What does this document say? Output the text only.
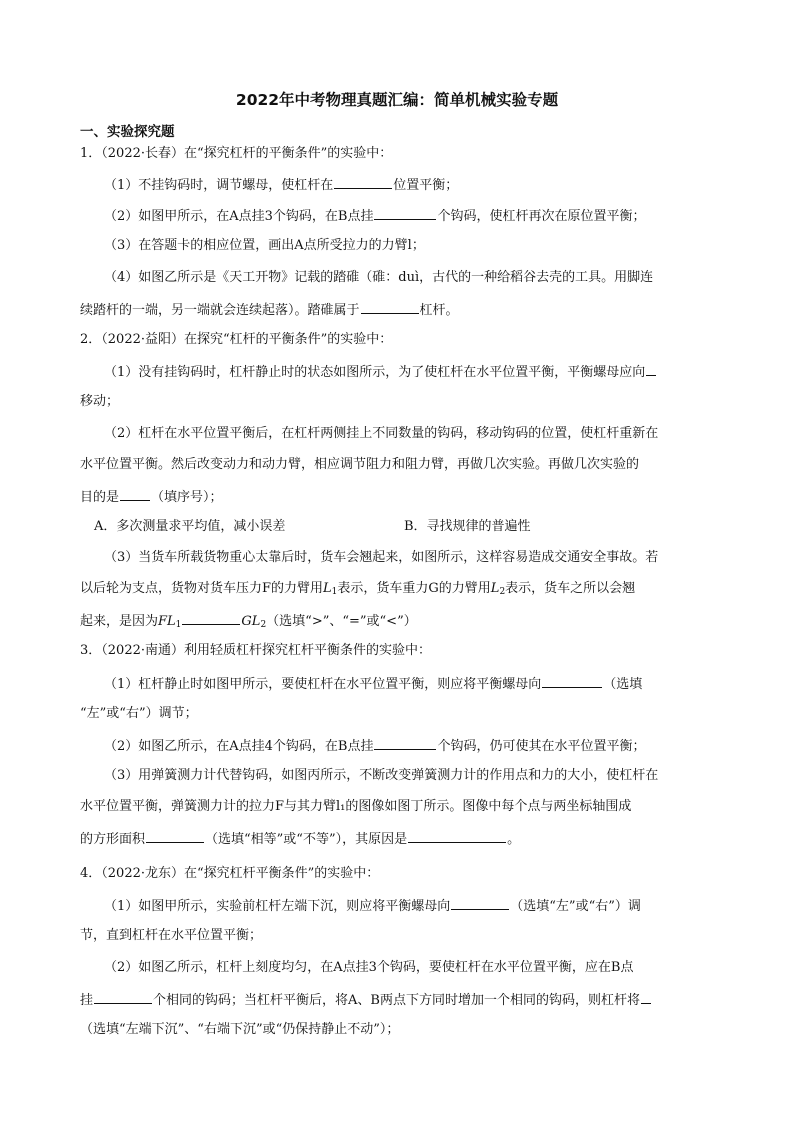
2022年中考物理真题汇编：简单机械实验专题
一、实验探究题
1．（2022·长春）在“探究杠杆的平衡条件”的实验中：
（1）不挂钩码时，调节螺母，使杠杆在	位置平衡；
（2）如图甲所示，在A点挂3个钩码，在B点挂	个钩码，使杠杆再次在原位置平衡；
（3）在答题卡的相应位置，画出A点所受拉力的力臂l；
（4）如图乙所示是《天工开物》记载的踏碓（碓：duì，古代的一种给稻谷去壳的工具。用脚连
续踏杆的一端，另一端就会连续起落）。踏碓属于	杠杆。
2．（2022·益阳）在探究“杠杆的平衡条件”的实验中：
（1）没有挂钩码时，杠杆静止时的状态如图所示，为了使杠杆在水平位置平衡，平衡螺母应向
移动；
（2）杠杆在水平位置平衡后，在杠杆两侧挂上不同数量的钩码，移动钩码的位置，使杠杆重新在
水平位置平衡。然后改变动力和动力臂，相应调节阻力和阻力臂，再做几次实验。再做几次实验的
目的是 （填序号）；
A．多次测量求平均值，减小误差	B．寻找规律的普遍性
（3）当货车所载货物重心太靠后时，货车会翘起来，如图所示，这样容易造成交通安全事故。若
以后轮为支点，货物对货车压力F的力臂用$L_1$表示，货车重力G的力臂用$L_2$表示，货车之所以会翘
起来，是因为$FL_1$	$GL_2$（选填“>”、“=”或“<”）
3．（2022·南通）利用轻质杠杆探究杠杆平衡条件的实验中：
（1）杠杆静止时如图甲所示，要使杠杆在水平位置平衡，则应将平衡螺母向	（选填
“左”或“右”）调节；
（2）如图乙所示，在A点挂4个钩码，在B点挂	个钩码，仍可使其在水平位置平衡；
（3）用弹簧测力计代替钩码，如图丙所示，不断改变弹簧测力计的作用点和力的大小，使杠杆在
水平位置平衡，弹簧测力计的拉力F与其力臂l₁的图像如图丁所示。图像中每个点与两坐标轴围成
的方形面积	（选填“相等”或“不等”），其原因是	。
4．（2022·龙东）在“探究杠杆平衡条件”的实验中：
（1）如图甲所示，实验前杠杆左端下沉，则应将平衡螺母向	（选填“左”或“右”）调
节，直到杠杆在水平位置平衡；
（2）如图乙所示，杠杆上刻度均匀，在A点挂3个钩码，要使杠杆在水平位置平衡，应在B点
挂	个相同的钩码；当杠杆平衡后，将A、B两点下方同时增加一个相同的钩码，则杠杆将
（选填“左端下沉”、“右端下沉”或“仍保持静止不动”）；
